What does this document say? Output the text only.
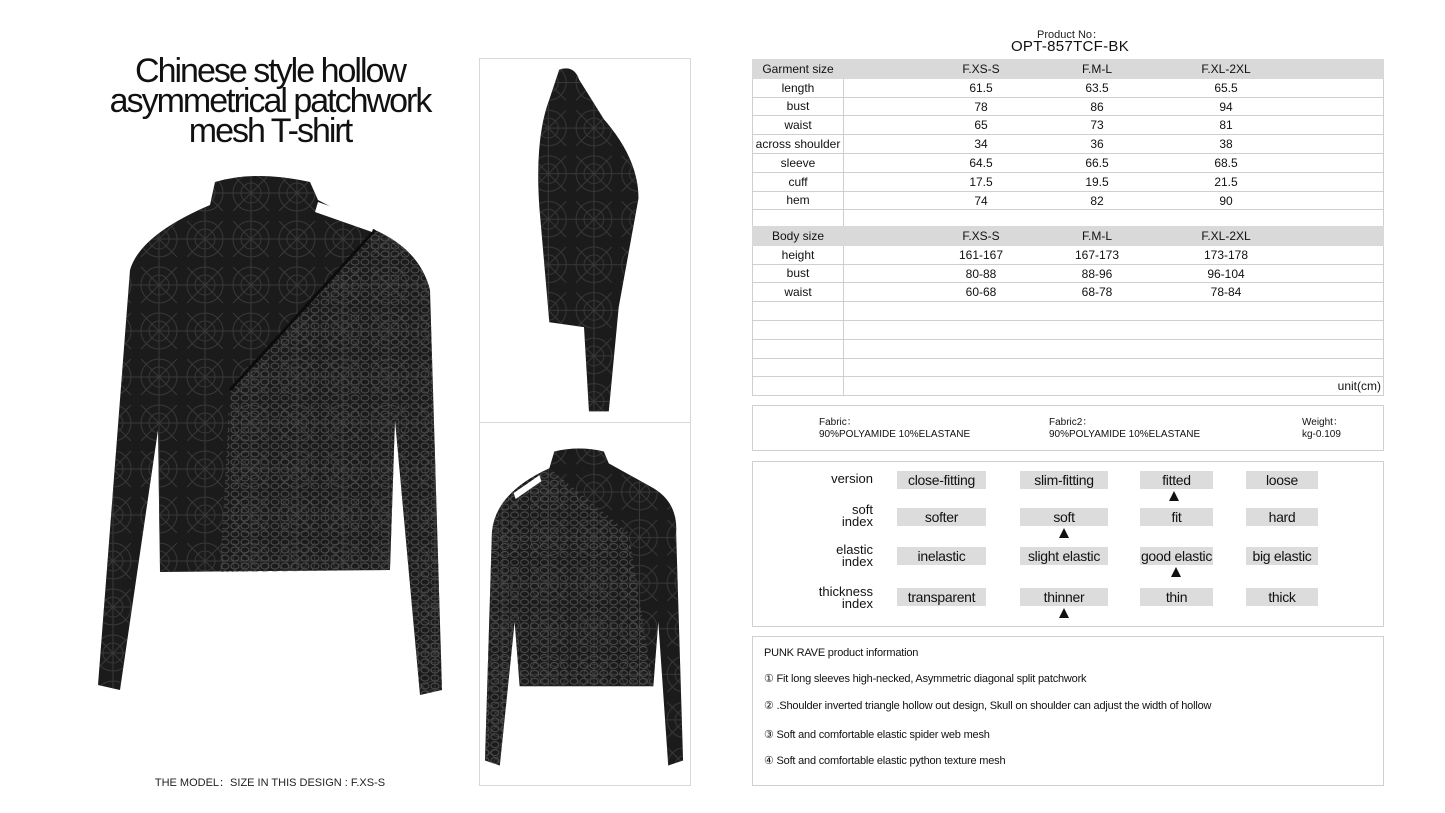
Chinese style hollow
asymmetrical patchwork
mesh T-shirt
THE MODEL：SIZE IN THIS DESIGN : F.XS-S
Product No：
OPT-857TCF-BK
Garment size	F.XS-S F.M-L F.XL-2XL

length	61.5 63.5 65.5

bust	78 86 94

waist	65 73 81

across shoulder	34 36 38

sleeve	64.5 66.5 68.5

cuff	17.5 19.5 21.5

hem	74 82 90

Body size	F.XS-S F.M-L F.XL-2XL

height	161-167 167-173 173-178

bust	80-88 88-96 96-104

waist	60-68 68-78 78-84

	unit(cm)
Fabric：
90%POLYAMIDE 10%ELASTANE
Fabric2：
90%POLYAMIDE 10%ELASTANE
Weight：
kg-0.109
version	close-fitting	slim-fitting	fitted	loose
soft
index	softer	soft	fit	hard
elastic
index	inelastic	slight elastic	good elastic	big elastic
thickness
index	transparent	thinner	thin	thick
PUNK RAVE product information
① Fit long sleeves high-necked, Asymmetric diagonal split patchwork
② .Shoulder inverted triangle hollow out design, Skull on shoulder can adjust the width of hollow
③ Soft and comfortable elastic spider web mesh
④ Soft and comfortable elastic python texture mesh
